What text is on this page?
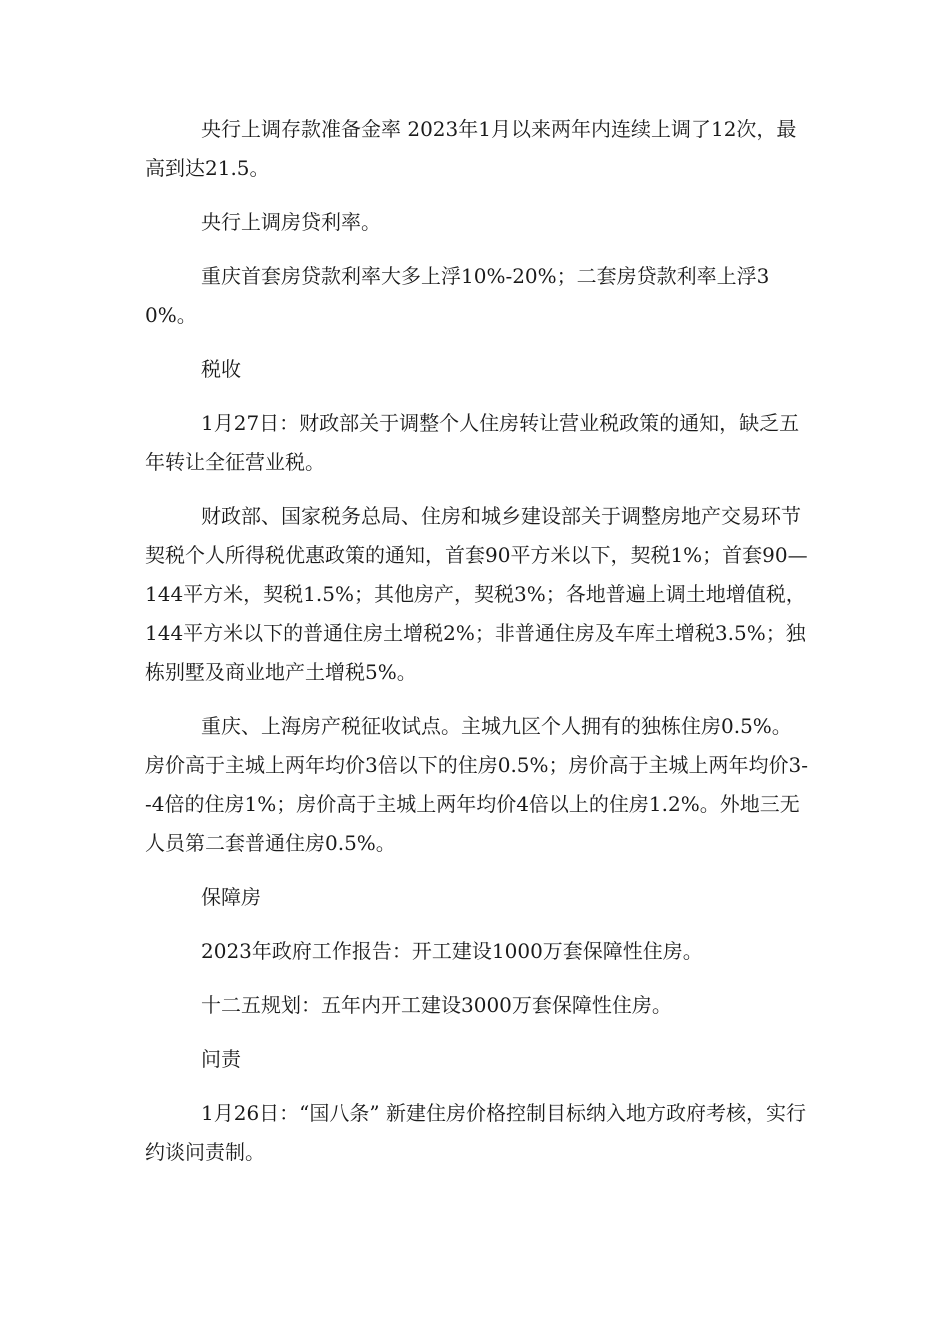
央行上调存款准备金率 2023年1月以来两年内连续上调了12次，最高到达21.5。

央行上调房贷利率。

重庆首套房贷款利率大多上浮10%-20%；二套房贷款利率上浮30%。

税收

1月27日：财政部关于调整个人住房转让营业税政策的通知，缺乏五年转让全征营业税。

财政部、国家税务总局、住房和城乡建设部关于调整房地产交易环节契税个人所得税优惠政策的通知，首套90平方米以下，契税1%；首套90—144平方米，契税1.5%；其他房产，契税3%；各地普遍上调土地增值税，144平方米以下的普通住房土增税2%；非普通住房及车库土增税3.5%；独栋别墅及商业地产土增税5%。

重庆、上海房产税征收试点。主城九区个人拥有的独栋住房0.5%。房价高于主城上两年均价3倍以下的住房0.5%；房价高于主城上两年均价3--4倍的住房1%；房价高于主城上两年均价4倍以上的住房1.2%。外地三无人员第二套普通住房0.5%。

保障房

2023年政府工作报告：开工建设1000万套保障性住房。

十二五规划：五年内开工建设3000万套保障性住房。

问责

1月26日：“国八条” 新建住房价格控制目标纳入地方政府考核，实行约谈问责制。
